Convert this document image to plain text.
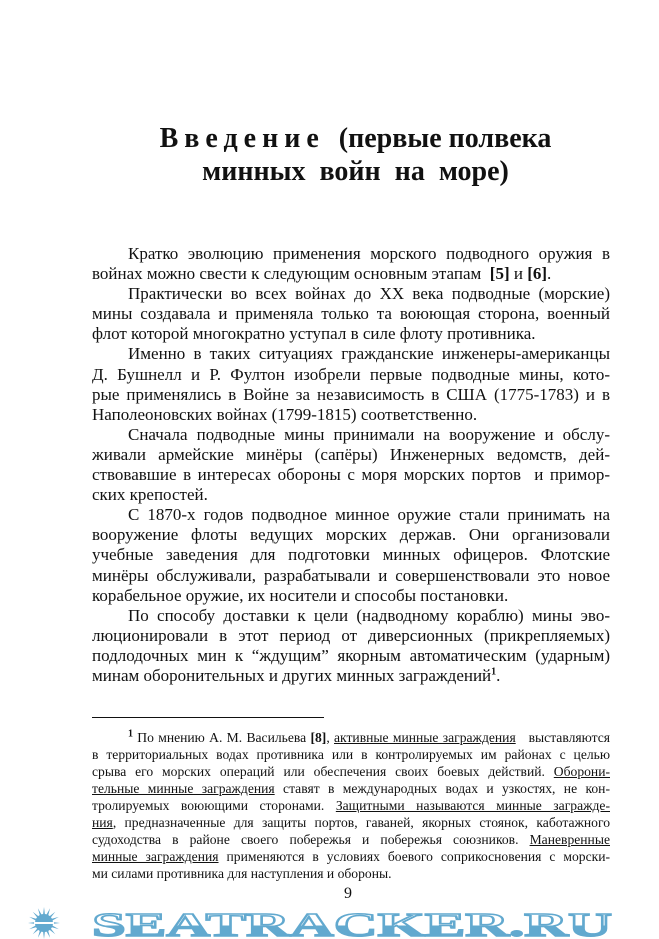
Введение (первые полвека
минных  войн  на  море)
Кратко эволюцию применения морского подводного оружия в
войнах можно свести к следующим основным этапам  [5] и [6].
Практически во всех войнах до XX века подводные (морские)
мины создавала и применяла только та воюющая сторона, военный
флот которой многократно уступал в силе флоту противника.
Именно в таких ситуациях гражданские инженеры-американцы
Д. Бушнелл и Р. Фултон изобрели первые подводные мины, кото-
рые применялись в Войне за независимость в США (1775-1783) и в
Наполеоновских войнах (1799-1815) соответственно.
Сначала подводные мины принимали на вооружение и обслу-
живали армейские минёры (сапёры) Инженерных ведомств, дей-
ствовавшие в интересах обороны с моря морских портов  и примор-
ских крепостей.
С 1870-х годов подводное минное оружие стали принимать на
вооружение флоты ведущих морских держав. Они организовали
учебные заведения для подготовки минных офицеров. Флотские
минёры обслуживали, разрабатывали и совершенствовали это новое
корабельное оружие, их носители и способы постановки.
По способу доставки к цели (надводному кораблю) мины эво-
люционировали в этот период от диверсионных (прикрепляемых)
подлодочных мин к “ждущим” якорным автоматическим (ударным)
минам оборонительных и других минных заграждений$^1$.
$^1$ По мнению А. М. Васильева [8], активные минные заграждения   выставляются
в территориальных водах противника или в контролируемых им районах с целью
срыва его морских операций или обеспечения своих боевых действий. Оборони-
тельные минные заграждения ставят в международных водах и узкостях, не кон-
тролируемых воюющими сторонами. Защитными называются минные загражде-
ния, предназначенные для защиты портов, гаваней, якорных стоянок, каботажного
судоходства в районе своего побережья и побережья союзников. Маневренные
минные заграждения применяются в условиях боевого соприкосновения с морски-
ми силами противника для наступления и обороны.
9
SEATRACKER.RU
